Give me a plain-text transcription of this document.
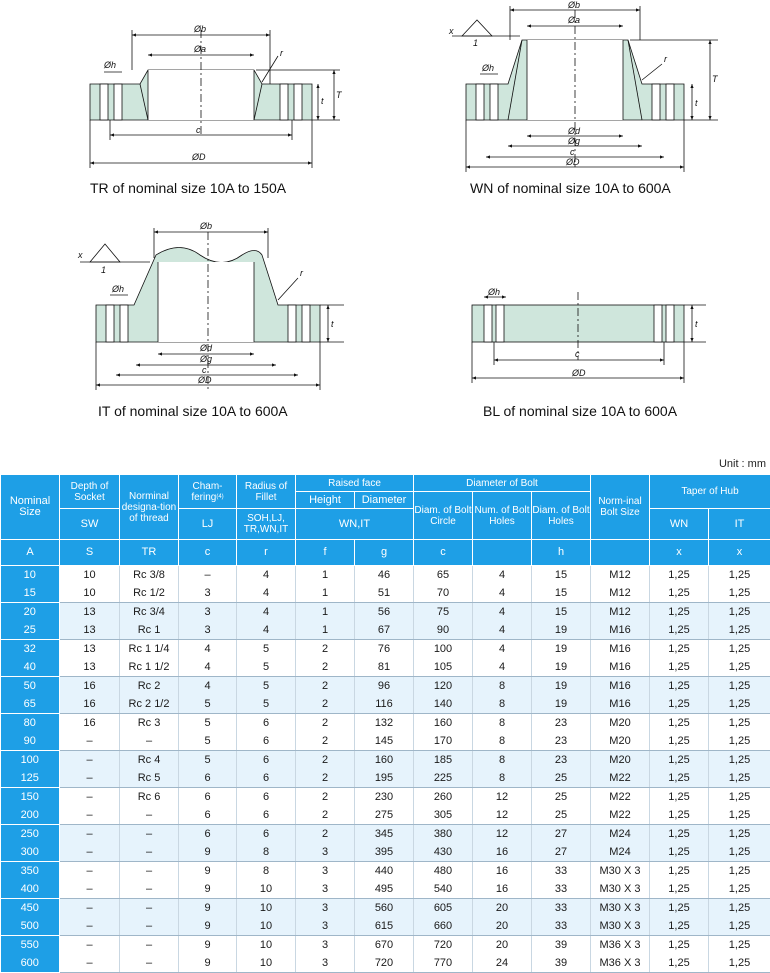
Øb
Øa
Øh
r
c
ØD
t
T
Øb
Øa
Øh
r
Ød
Øg
c
ØD
t
T
x
1
Øb
Øh
r
Ød
Øg
c
ØD
t
x
1
Øh
c
ØD
t
TR of nominal size 10A to 150A	WN of nominal size 10A to 600A
IT of nominal size 10A to 600A	BL of nominal size 10A to 600A
Unit : mm
Nominal Size	Depth of Socket	Norminal designa-tion of thread	Cham-fering$^{(4)}$	Radius of Fillet	Raised face		Diameter of Bolt			Norm-inal Bolt Size	Taper of Hub	
					Height	Diameter	Diam. of Bolt Circle	Num. of Bolt Holes	Diam. of Bolt Holes			
	SW		LJ	SOH,LJ, TR,WN,IT	WN,IT						WN	IT
A	S	TR	c	r	f	g	c		h		x	x
10	10	Rc 3/8	–	4	1	46	65	4	15	M12	1,25	1,25
15	10	Rc 1/2	3	4	1	51	70	4	15	M12	1,25	1,25
20	13	Rc 3/4	3	4	1	56	75	4	15	M12	1,25	1,25
25	13	Rc 1	3	4	1	67	90	4	19	M16	1,25	1,25
32	13	Rc 1 1/4	4	5	2	76	100	4	19	M16	1,25	1,25
40	13	Rc 1 1/2	4	5	2	81	105	4	19	M16	1,25	1,25
50	16	Rc 2	4	5	2	96	120	8	19	M16	1,25	1,25
65	16	Rc 2 1/2	5	5	2	116	140	8	19	M16	1,25	1,25
80	16	Rc 3	5	6	2	132	160	8	23	M20	1,25	1,25
90	–	–	5	6	2	145	170	8	23	M20	1,25	1,25
100	–	Rc 4	5	6	2	160	185	8	23	M20	1,25	1,25
125	–	Rc 5	6	6	2	195	225	8	25	M22	1,25	1,25
150	–	Rc 6	6	6	2	230	260	12	25	M22	1,25	1,25
200	–	–	6	6	2	275	305	12	25	M22	1,25	1,25
250	–	–	6	6	2	345	380	12	27	M24	1,25	1,25
300	–	–	9	8	3	395	430	16	27	M24	1,25	1,25
350	–	–	9	8	3	440	480	16	33	M30 X 3	1,25	1,25
400	–	–	9	10	3	495	540	16	33	M30 X 3	1,25	1,25
450	–	–	9	10	3	560	605	20	33	M30 X 3	1,25	1,25
500	–	–	9	10	3	615	660	20	33	M30 X 3	1,25	1,25
550	–	–	9	10	3	670	720	20	39	M36 X 3	1,25	1,25
600	–	–	9	10	3	720	770	24	39	M36 X 3	1,25	1,25
